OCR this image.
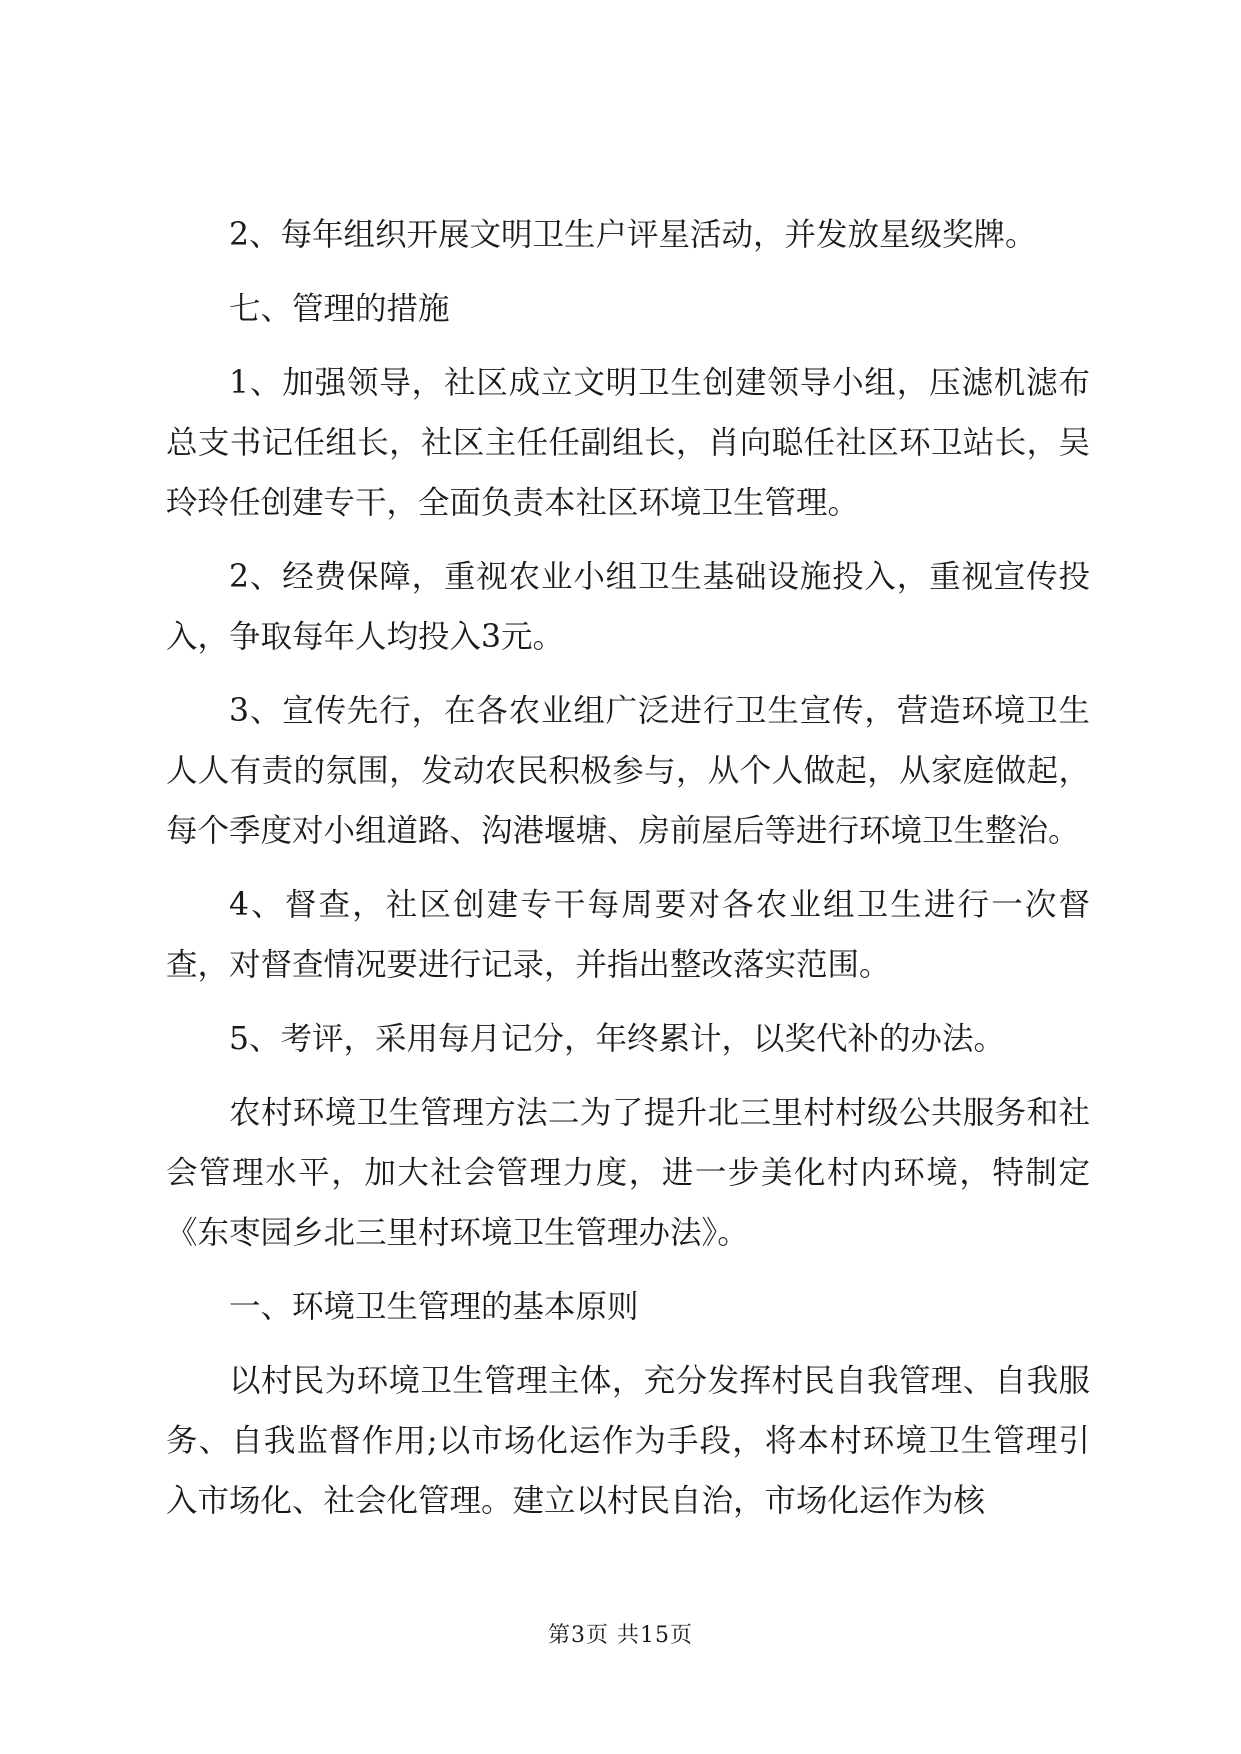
2、每年组织开展文明卫生户评星活动，并发放星级奖牌。

七、管理的措施

1、加强领导，社区成立文明卫生创建领导小组，压滤机滤布总支书记任组长，社区主任任副组长，肖向聪任社区环卫站长，吴玲玲任创建专干，全面负责本社区环境卫生管理。

2、经费保障，重视农业小组卫生基础设施投入，重视宣传投入，争取每年人均投入3元。

3、宣传先行，在各农业组广泛进行卫生宣传，营造环境卫生人人有责的氛围，发动农民积极参与，从个人做起，从家庭做起，每个季度对小组道路、沟港堰塘、房前屋后等进行环境卫生整治。

4、督查，社区创建专干每周要对各农业组卫生进行一次督查，对督查情况要进行记录，并指出整改落实范围。

5、考评，采用每月记分，年终累计，以奖代补的办法。

农村环境卫生管理方法二为了提升北三里村村级公共服务和社会管理水平，加大社会管理力度，进一步美化村内环境，特制定《东枣园乡北三里村环境卫生管理办法》。

一、环境卫生管理的基本原则

以村民为环境卫生管理主体，充分发挥村民自我管理、自我服务、自我监督作用;以市场化运作为手段，将本村环境卫生管理引入市场化、社会化管理。建立以村民自治，市场化运作为核

第3页 共15页
